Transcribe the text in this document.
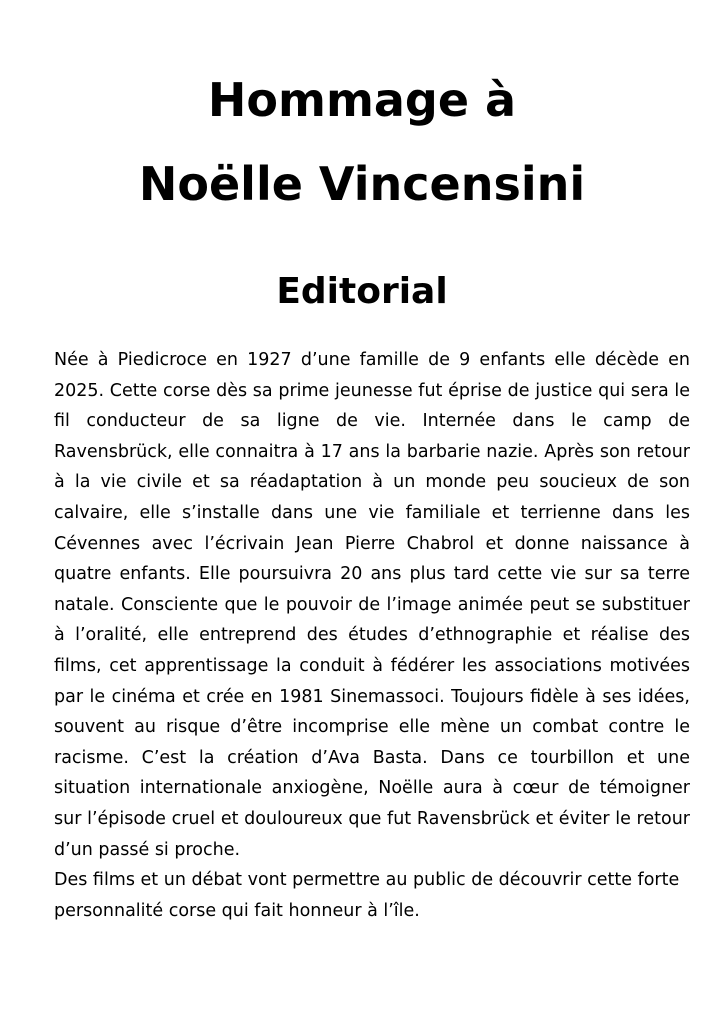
Hommage à
Noëlle Vincensini
Editorial

Née à Piedicroce en 1927 d’une famille de 9 enfants elle décède en 2025. Cette corse dès sa prime jeunesse fut éprise de justice qui sera le fil conducteur de sa ligne de vie. Internée dans le camp de Ravensbrück, elle connaitra à 17 ans la barbarie nazie. Après son retour à la vie civile et sa réadaptation à un monde peu soucieux de son calvaire, elle s’installe dans une vie familiale et terrienne dans les Cévennes avec l’écrivain Jean Pierre Chabrol et donne naissance à quatre enfants. Elle poursuivra 20 ans plus tard cette vie sur sa terre natale. Consciente que le pouvoir de l’image animée peut se substituer à l’oralité, elle entreprend des études d’ethnographie et réalise des films, cet apprentissage la conduit à fédérer les associations motivées par le cinéma et crée en 1981 Sinemassoci. Toujours fidèle à ses idées, souvent au risque d’être incomprise elle mène un combat contre le racisme. C’est la création d’Ava Basta. Dans ce tourbillon et une situation internationale anxiogène, Noëlle aura à cœur de témoigner sur l’épisode cruel et douloureux que fut Ravensbrück et éviter le retour d’un passé si proche.

Des films et un débat vont permettre au public de découvrir cette forte personnalité corse qui fait honneur à l’île.
